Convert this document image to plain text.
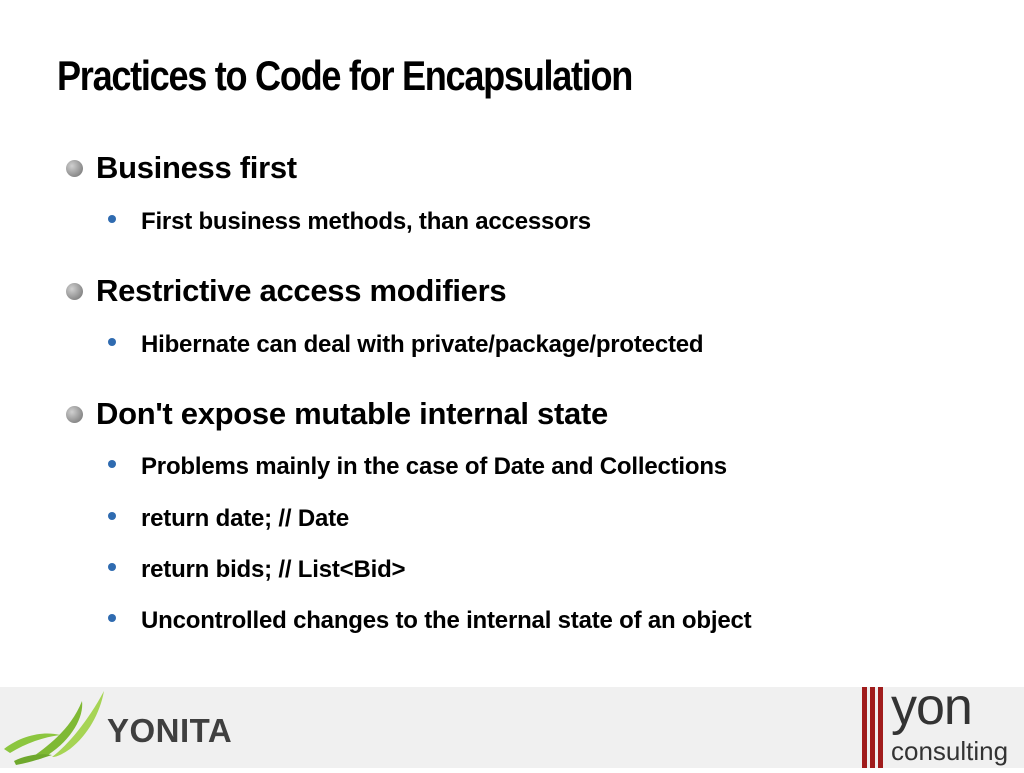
Practices to Code for Encapsulation
Business first
First business methods, than accessors
Restrictive access modifiers
Hibernate can deal with private/package/protected
Don't expose mutable internal state
Problems mainly in the case of Date and Collections
return date; // Date
return bids; // List<Bid>
Uncontrolled changes to the internal state of an object
YONITA	yon
consulting
